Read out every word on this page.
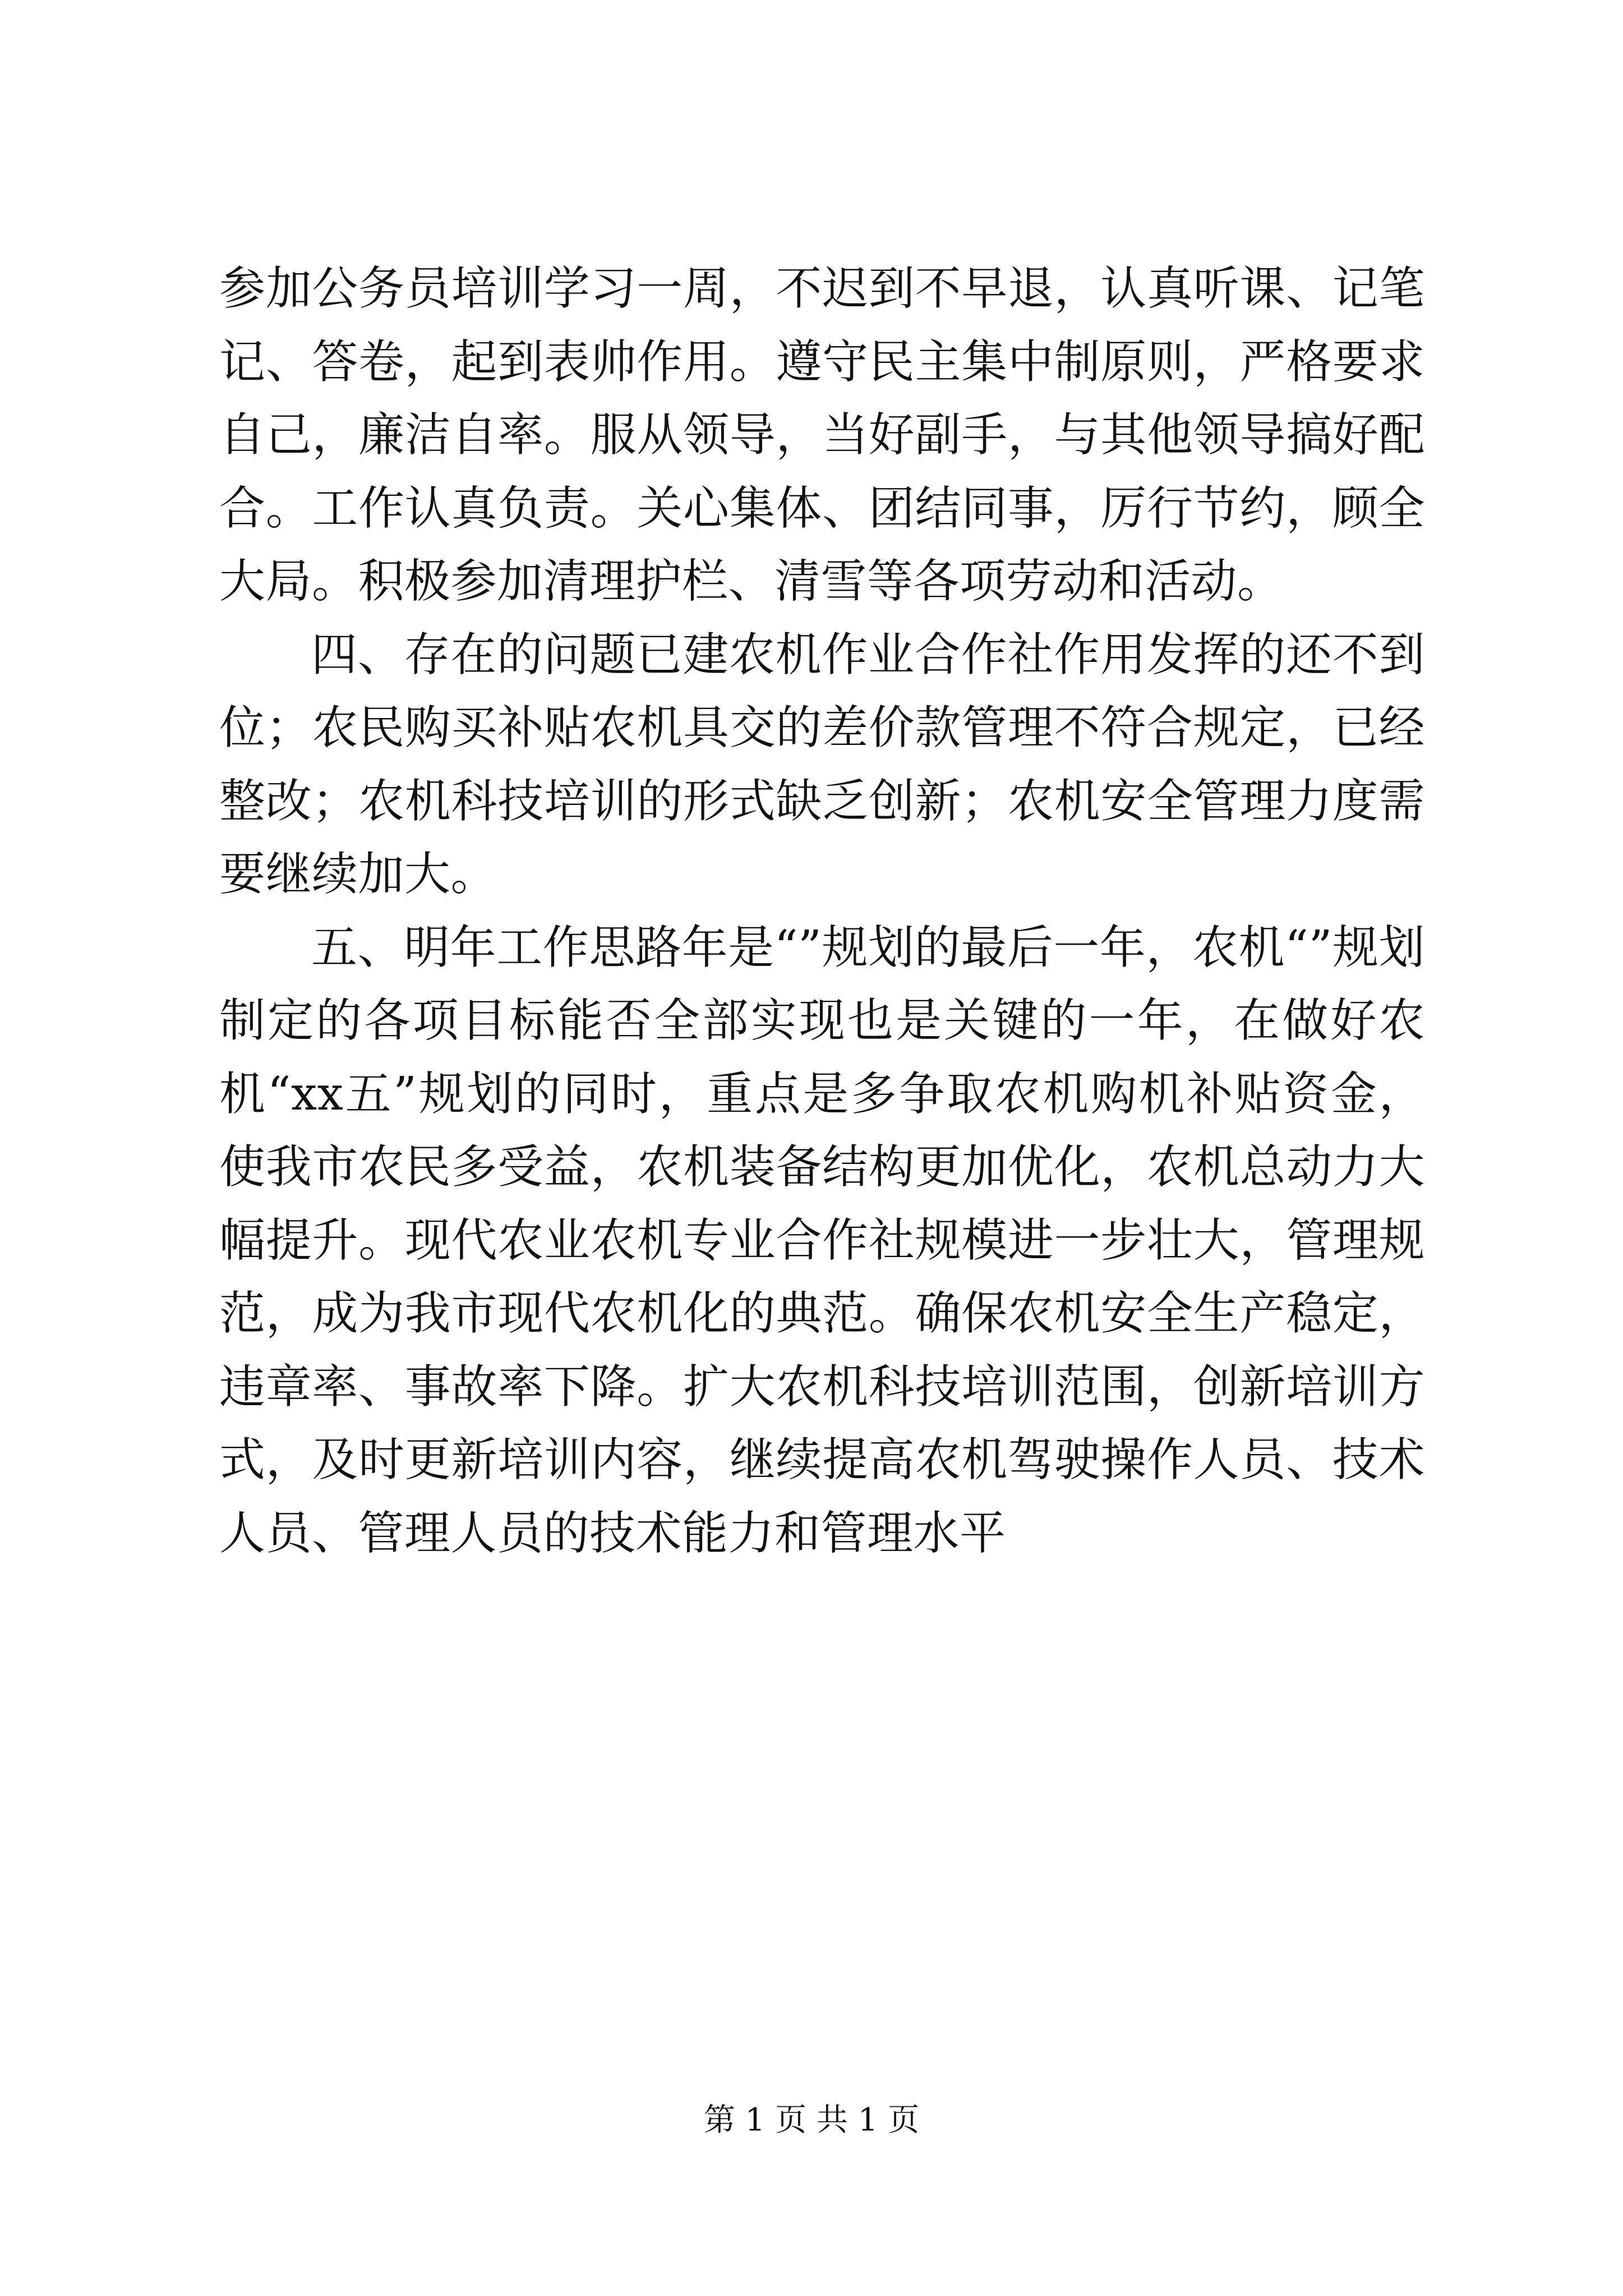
参加公务员培训学习一周，不迟到不早退，认真听课、记笔记、答卷，起到表帅作用。遵守民主集中制原则，严格要求自己，廉洁自率。服从领导，当好副手，与其他领导搞好配合。工作认真负责。关心集体、团结同事，厉行节约，顾全大局。积极参加清理护栏、清雪等各项劳动和活动。

四、存在的问题已建农机作业合作社作用发挥的还不到位；农民购买补贴农机具交的差价款管理不符合规定，已经整改；农机科技培训的形式缺乏创新；农机安全管理力度需要继续加大。

五、明年工作思路年是“”规划的最后一年，农机“”规划制定的各项目标能否全部实现也是关键的一年，在做好农机“xx五”规划的同时，重点是多争取农机购机补贴资金，使我市农民多受益，农机装备结构更加优化，农机总动力大幅提升。现代农业农机专业合作社规模进一步壮大，管理规范，成为我市现代农机化的典范。确保农机安全生产稳定，违章率、事故率下降。扩大农机科技培训范围，创新培训方式，及时更新培训内容，继续提高农机驾驶操作人员、技术人员、管理人员的技术能力和管理水平

第 1 页 共 1 页
